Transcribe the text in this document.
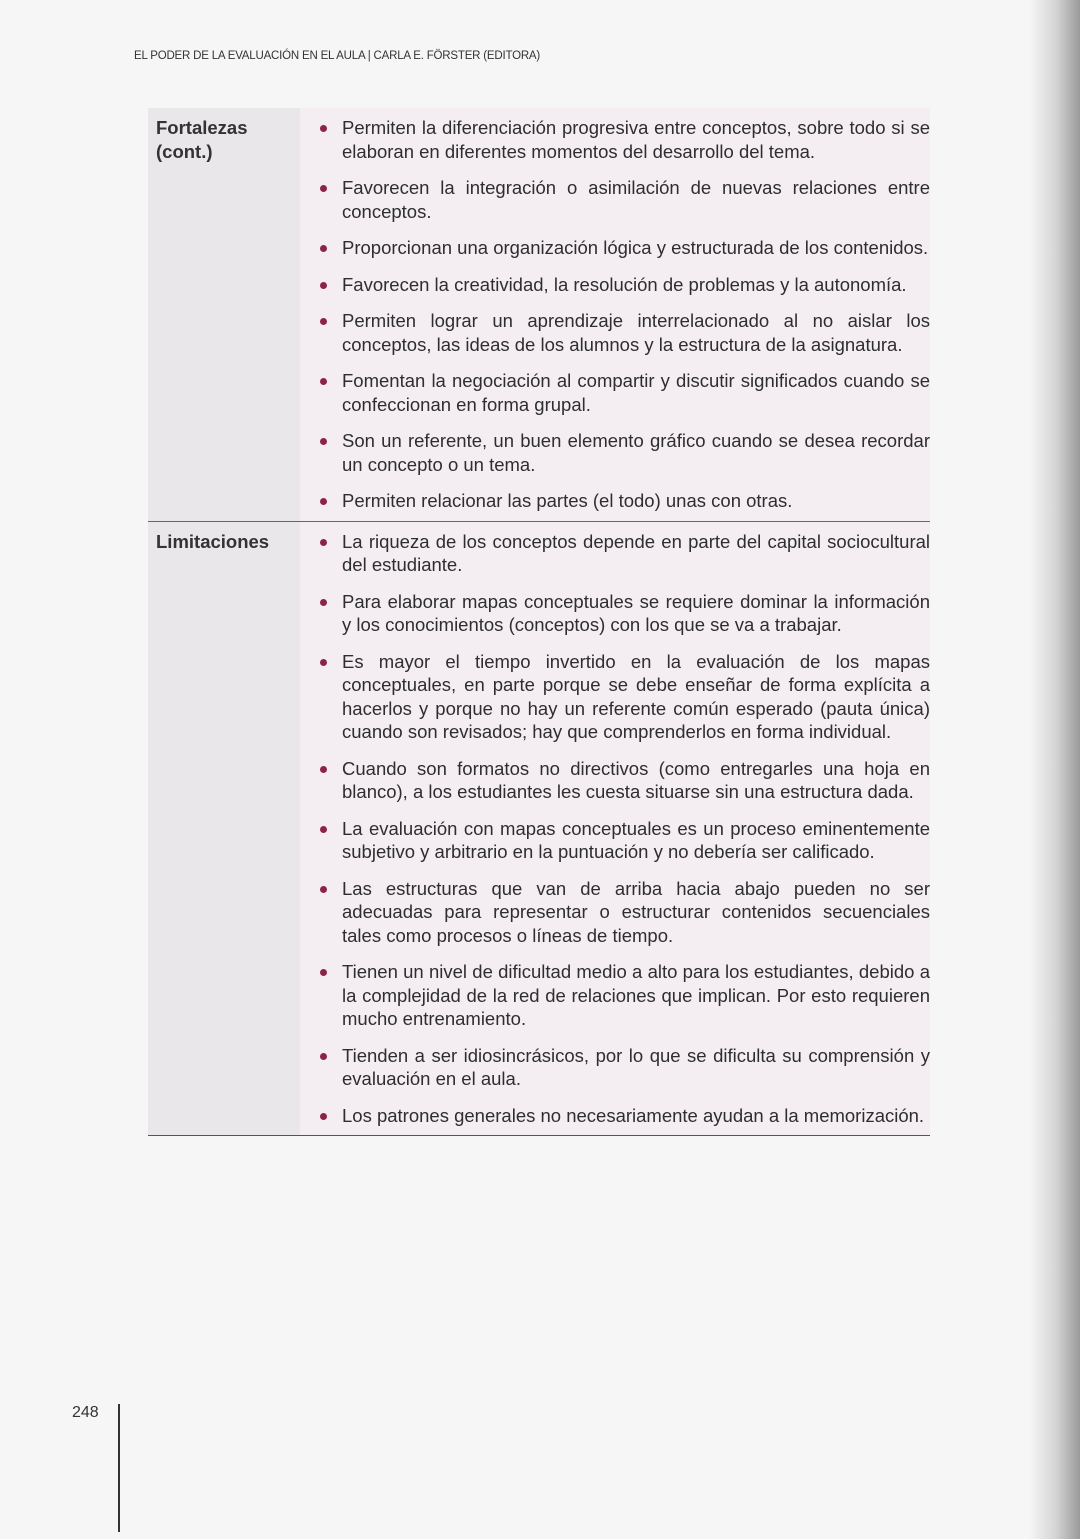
EL PODER DE LA EVALUACIÓN EN EL AULA | CARLA E. FÖRSTER (EDITORA)
Fortalezas (cont.)
Permiten la diferenciación progresiva entre conceptos, sobre todo si se elaboran en diferentes momentos del desarrollo del tema.
Favorecen la integración o asimilación de nuevas relaciones entre conceptos.
Proporcionan una organización lógica y estructurada de los contenidos.
Favorecen la creatividad, la resolución de problemas y la autonomía.
Permiten lograr un aprendizaje interrelacionado al no aislar los conceptos, las ideas de los alumnos y la estructura de la asignatura.
Fomentan la negociación al compartir y discutir significados cuando se confeccionan en forma grupal.
Son un referente, un buen elemento gráfico cuando se desea recordar un concepto o un tema.
Permiten relacionar las partes (el todo) unas con otras.
Limitaciones	La riqueza de los conceptos depende en parte del capital sociocultural del estudiante.
Para elaborar mapas conceptuales se requiere dominar la información y los conocimientos (conceptos) con los que se va a trabajar.
Es mayor el tiempo invertido en la evaluación de los mapas conceptuales, en parte porque se debe enseñar de forma explícita a hacerlos y porque no hay un referente común esperado (pauta única) cuando son revisados; hay que comprenderlos en forma individual.
Cuando son formatos no directivos (como entregarles una hoja en blanco), a los estudiantes les cuesta situarse sin una estructura dada.
La evaluación con mapas conceptuales es un proceso eminentemente subjetivo y arbitrario en la puntuación y no debería ser calificado.
Las estructuras que van de arriba hacia abajo pueden no ser adecuadas para representar o estructurar contenidos secuenciales tales como procesos o líneas de tiempo.
Tienen un nivel de dificultad medio a alto para los estudiantes, debido a la complejidad de la red de relaciones que implican. Por esto requieren mucho entrenamiento.
Tienden a ser idiosincrásicos, por lo que se dificulta su comprensión y evaluación en el aula.
Los patrones generales no necesariamente ayudan a la memorización.
248
